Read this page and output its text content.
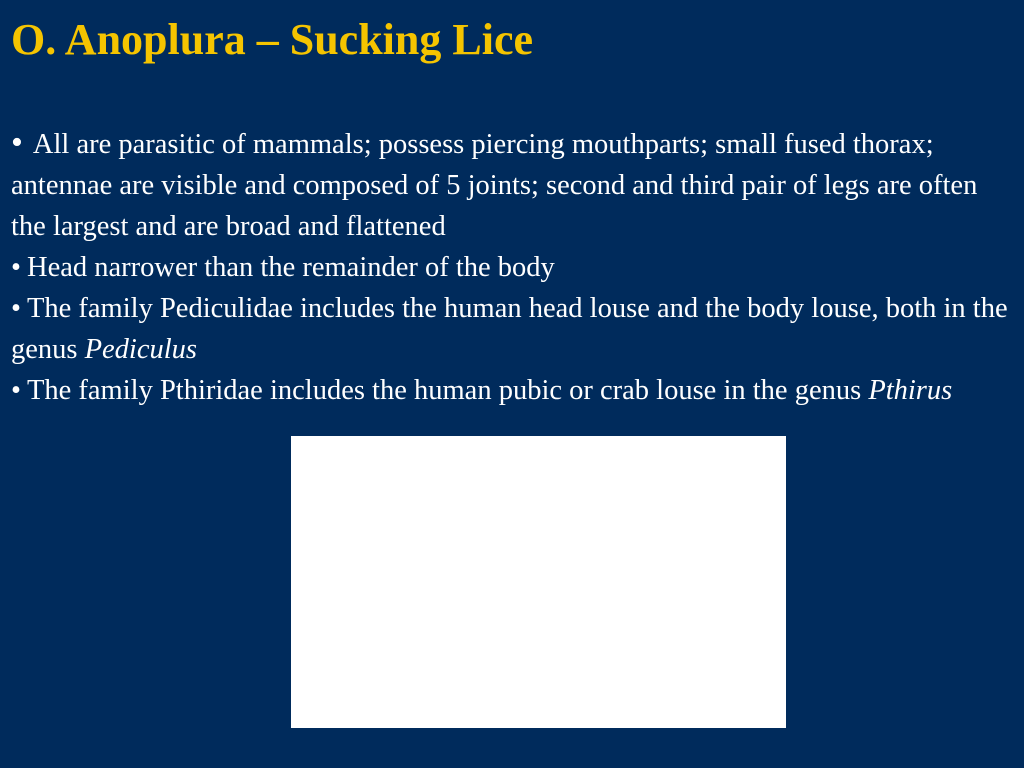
O. Anoplura – Sucking Lice
• All are parasitic of mammals; possess piercing mouthparts; small fused thorax; antennae are visible and composed of 5 joints; second and third pair of legs are often the largest and are broad and flattened
• Head narrower than the remainder of the body
• The family Pediculidae includes the human head louse and the body louse, both in the genus Pediculus
• The family Pthiridae includes the human pubic or crab louse in the genus Pthirus
